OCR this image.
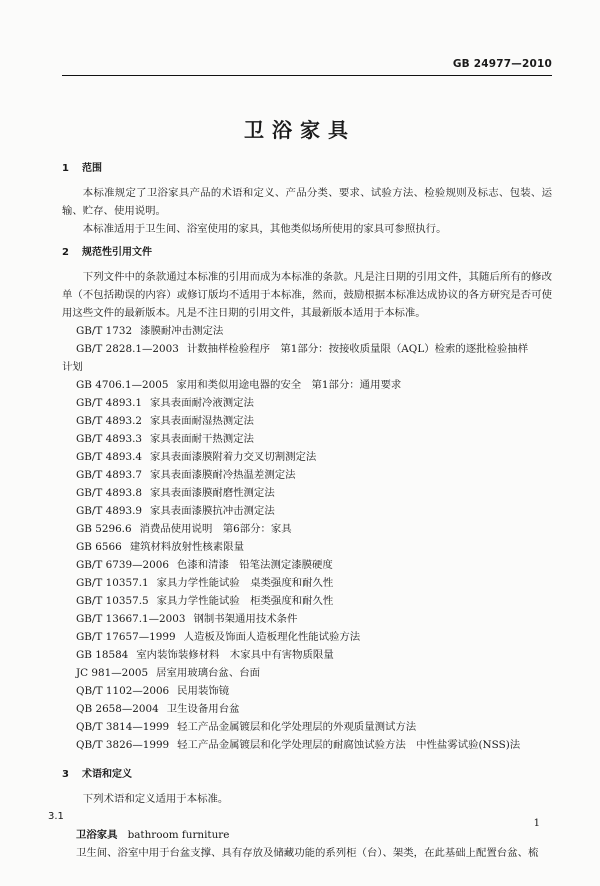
GB 24977—2010
卫浴家具
1 范围

本标准规定了卫浴家具产品的术语和定义、产品分类、要求、试验方法、检验规则及标志、包装、运输、贮存、使用说明。

本标准适用于卫生间、浴室使用的家具，其他类似场所使用的家具可参照执行。

2 规范性引用文件

下列文件中的条款通过本标准的引用而成为本标准的条款。凡是注日期的引用文件，其随后所有的修改单（不包括勘误的内容）或修订版均不适用于本标准，然而，鼓励根据本标准达成协议的各方研究是否可使用这些文件的最新版本。凡是不注日期的引用文件，其最新版本适用于本标准。

GB/T 1732 漆膜耐冲击测定法

GB/T 2828.1—2003 计数抽样检验程序　第1部分：按接收质量限（AQL）检索的逐批检验抽样

计划

GB 4706.1—2005 家用和类似用途电器的安全　第1部分：通用要求

GB/T 4893.1 家具表面耐冷液测定法

GB/T 4893.2 家具表面耐湿热测定法

GB/T 4893.3 家具表面耐干热测定法

GB/T 4893.4 家具表面漆膜附着力交叉切割测定法

GB/T 4893.7 家具表面漆膜耐冷热温差测定法

GB/T 4893.8 家具表面漆膜耐磨性测定法

GB/T 4893.9 家具表面漆膜抗冲击测定法

GB 5296.6 消费品使用说明　第6部分：家具

GB 6566 建筑材料放射性核素限量

GB/T 6739—2006 色漆和清漆　铅笔法测定漆膜硬度

GB/T 10357.1 家具力学性能试验　桌类强度和耐久性

GB/T 10357.5 家具力学性能试验　柜类强度和耐久性

GB/T 13667.1—2003 钢制书架通用技术条件

GB/T 17657—1999 人造板及饰面人造板理化性能试验方法

GB 18584 室内装饰装修材料　木家具中有害物质限量

JC 981—2005 居室用玻璃台盆、台面

QB/T 1102—2006 民用装饰镜

QB 2658—2004 卫生设备用台盆

QB/T 3814—1999 轻工产品金属镀层和化学处理层的外观质量测试方法

QB/T 3826—1999 轻工产品金属镀层和化学处理层的耐腐蚀试验方法　中性盐雾试验(NSS)法

3 术语和定义

下列术语和定义适用于本标准。

3.1

卫浴家具 bathroom furniture

卫生间、浴室中用于台盆支撑、具有存放及储藏功能的系列柜（台）、架类，在此基础上配置台盆、梳

1
